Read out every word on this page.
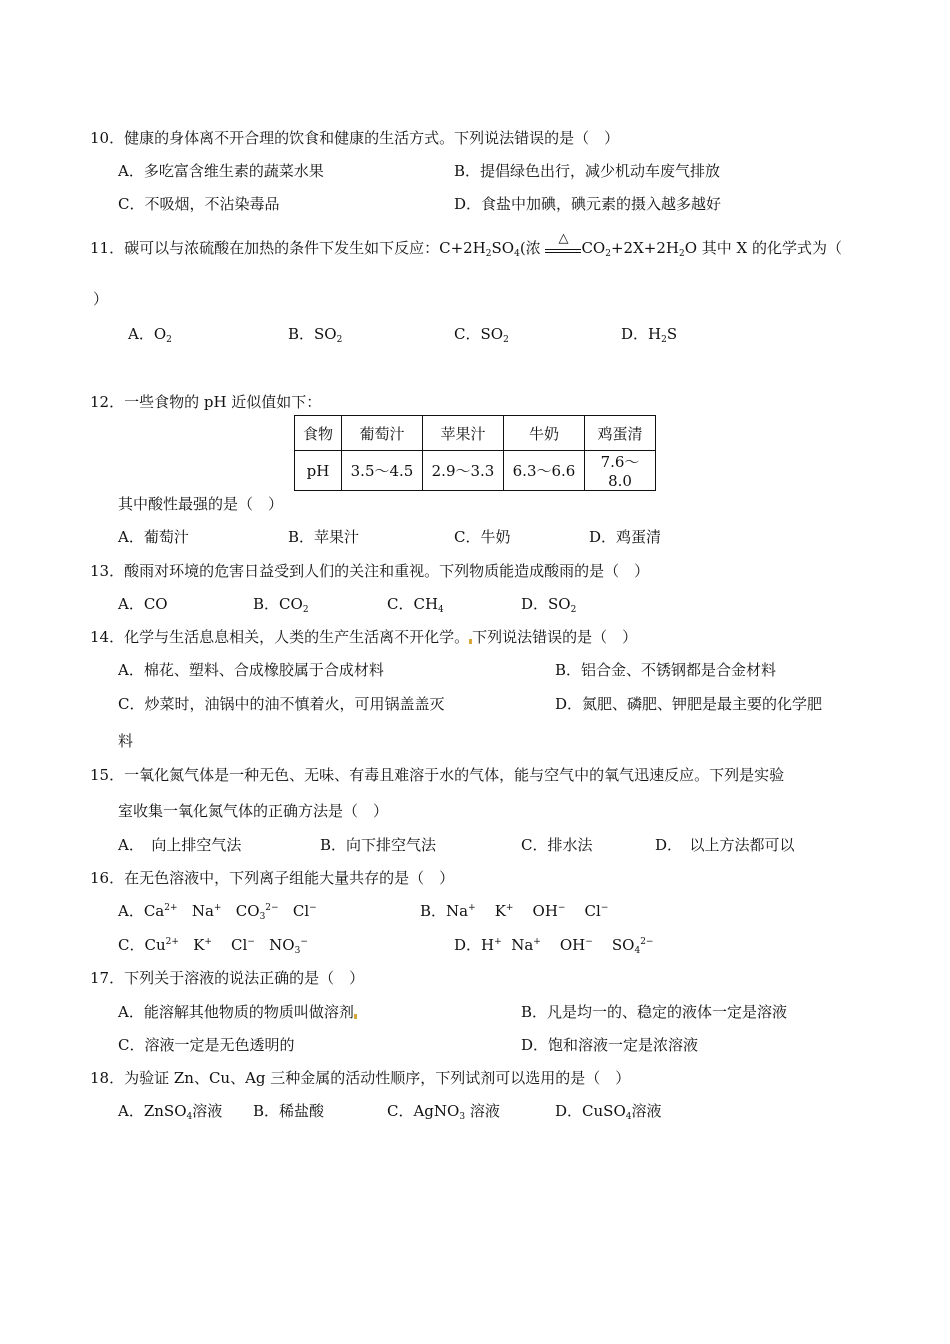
10．健康的身体离不开合理的饮食和健康的生活方式。下列说法错误的是（　）
A．多吃富含维生素的蔬菜水果	B．提倡绿色出行，减少机动车废气排放
C．不吸烟，不沾染毒品	D．食盐中加碘，碘元素的摄入越多越好
11．碳可以与浓硫酸在加热的条件下发生如下反应：$C+2H_2SO_4$(浓
△
$CO_2+2X+2H_2O$ 其中 X 的化学式为（
）
A．$O_2$	B．$SO_2$	C．$SO_2$	D．$H_2S$
12．一些食物的 pH 近似值如下：
食物	葡萄汁	苹果汁	牛奶	鸡蛋清
pH	3.5～4.5	2.9～3.3	6.3～6.6	7.6～8.0
其中酸性最强的是（　）
A．葡萄汁	B．苹果汁	C．牛奶	D．鸡蛋清
13．酸雨对环境的危害日益受到人们的关注和重视。下列物质能造成酸雨的是（　）
A．CO	B．$CO_2$	C．$CH_4$	D．$SO_2$
14．化学与生活息息相关，人类的生产生活离不开化学。 下列说法错误的是（　）
A．棉花、塑料、合成橡胶属于合成材料	B．铝合金、不锈钢都是合金材料
C．炒菜时，油锅中的油不慎着火，可用锅盖盖灭	D．氮肥、磷肥、钾肥是最主要的化学肥
料
15．一氧化氮气体是一种无色、无味、有毒且难溶于水的气体，能与空气中的氧气迅速反应。下列是实验
室收集一氧化氮气体的正确方法是（　）
A．　向上排空气法	B．向下排空气法	C．排水法	D．　以上方法都可以
16．在无色溶液中，下列离子组能大量共存的是（　）
A．$Ca^{2+}$   Na+   $CO_3^{2-}$   Cl−	B．Na+    K+    OH−    Cl−
C．$Cu^{2+}$   K+    Cl−   $NO_3^-$	D．H+  Na+    OH−    $SO_4^{2-}$
17．下列关于溶液的说法正确的是（　）
A．能溶解其他物质的物质叫做溶剂	B．凡是均一的、稳定的液体一定是溶液
C．溶液一定是无色透明的	D．饱和溶液一定是浓溶液
18．为验证 Zn、Cu、Ag 三种金属的活动性顺序，下列试剂可以选用的是（　）
A．ZnSO$_4$溶液 B．稀盐酸	C．AgNO$_3$ 溶液	D．CuSO$_4$溶液
